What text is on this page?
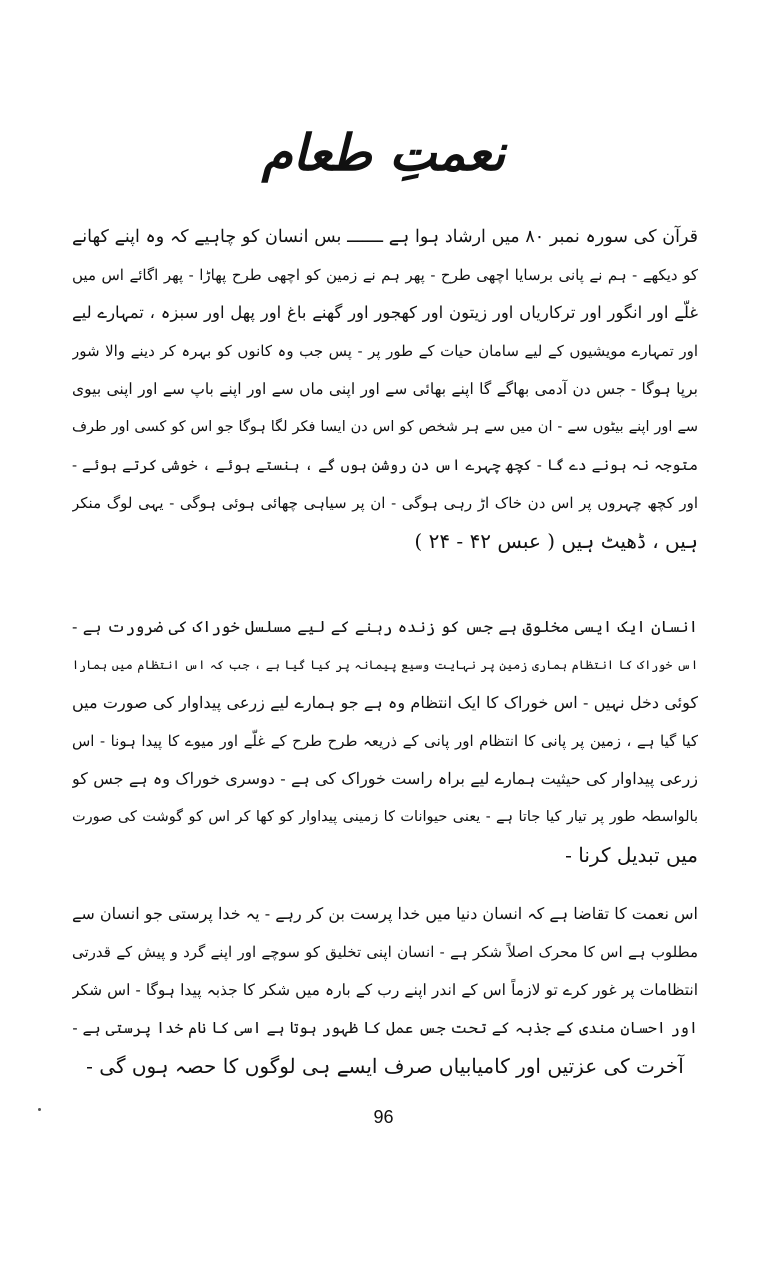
نعمتِ طعام
قرآن کی سورہ نمبر ۸۰ میں ارشاد ہوا ہے ـــــــ بس انسان کو چاہیے کہ وہ اپنے کھانے
کو دیکھے - ہم نے پانی برسایا اچھی طرح - پھر ہم نے زمین کو اچھی طرح پھاڑا - پھر اگائے اس میں
غلّے اور انگور اور ترکاریاں اور زیتون اور کھجور اور گھنے باغ اور پھل اور سبزہ ، تمہارے لیے
اور تمہارے مویشیوں کے لیے سامان حیات کے طور پر - پس جب وہ کانوں کو بہرہ کر دینے والا شور
برپا ہوگا - جس دن آدمی بھاگے گا اپنے بھائی سے اور اپنی ماں سے اور اپنے باپ سے اور اپنی بیوی
سے اور اپنے بیٹوں سے - ان میں سے ہر شخص کو اس دن ایسا فکر لگا ہوگا جو اس کو کسی اور طرف
متوجہ نہ ہونے دے گا - کچھ چہرے اس دن روشن ہوں گے ، ہنستے ہوئے ، خوشی کرتے ہوئے -
اور کچھ چہروں پر اس دن خاک اڑ رہی ہوگی - ان پر سیاہی چھائی ہوئی ہوگی - یہی لوگ منکر
ہیں ، ڈھیٹ ہیں ( عبس ۴۲ - ۲۴ )
انسان ایک ایسی مخلوق ہے جس کو زندہ رہنے کے لیے مسلسل خوراک کی ضرورت ہے -
اس خوراک کا انتظام ہماری زمین پر نہایت وسیع پیمانہ پر کیا گیا ہے ، جب کہ اس انتظام میں ہمارا
کوئی دخل نہیں - اس خوراک کا ایک انتظام وہ ہے جو ہمارے لیے زرعی پیداوار کی صورت میں
کیا گیا ہے ، زمین پر پانی کا انتظام اور پانی کے ذریعہ طرح طرح کے غلّے اور میوے کا پیدا ہونا - اس
زرعی پیداوار کی حیثیت ہمارے لیے براہ راست خوراک کی ہے - دوسری خوراک وہ ہے جس کو
بالواسطہ طور پر تیار کیا جاتا ہے - یعنی حیوانات کا زمینی پیداوار کو کھا کر اس کو گوشت کی صورت
میں تبدیل کرنا -
اس نعمت کا تقاضا ہے کہ انسان دنیا میں خدا پرست بن کر رہے - یہ خدا پرستی جو انسان سے
مطلوب ہے اس کا محرک اصلاً شکر ہے - انسان اپنی تخلیق کو سوچے اور اپنے گرد و پیش کے قدرتی
انتظامات پر غور کرے تو لازماً اس کے اندر اپنے رب کے بارہ میں شکر کا جذبہ پیدا ہوگا - اس شکر
اور احسان مندی کے جذبہ کے تحت جس عمل کا ظہور ہوتا ہے اسی کا نام خدا پرستی ہے -
آخرت کی عزتیں اور کامیابیاں صرف ایسے ہی لوگوں کا حصہ ہوں گی -
96
